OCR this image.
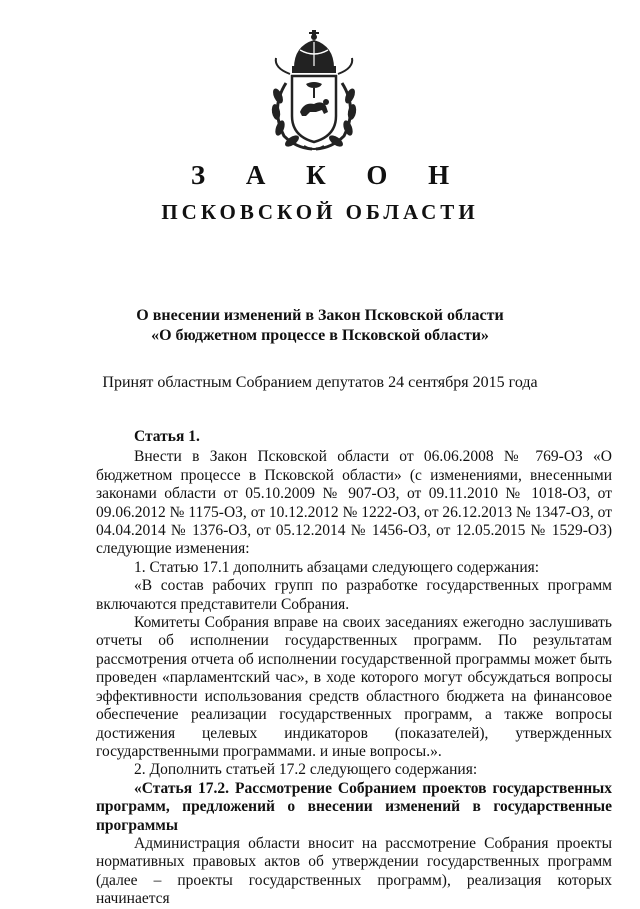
З А К О Н
ПСКОВСКОЙ ОБЛАСТИ
О внесении изменений в Закон Псковской области
«О бюджетном процессе в Псковской области»
Принят областным Собранием депутатов 24 сентября 2015 года

Статья 1.

Внести в Закон Псковской области от 06.06.2008 № 769-ОЗ «О бюджетном процессе в Псковской области» (с изменениями, внесенными законами области от 05.10.2009 № 907-ОЗ, от 09.11.2010 № 1018-ОЗ, от 09.06.2012 № 1175-ОЗ, от 10.12.2012 № 1222-ОЗ, от 26.12.2013 № 1347-ОЗ, от 04.04.2014 № 1376-ОЗ, от 05.12.2014 № 1456-ОЗ, от 12.05.2015 № 1529-ОЗ) следующие изменения:

1. Статью 17.1 дополнить абзацами следующего содержания:

«В состав рабочих групп по разработке государственных программ включаются представители Собрания.

Комитеты Собрания вправе на своих заседаниях ежегодно заслушивать отчеты об исполнении государственных программ. По результатам рассмотрения отчета об исполнении государственной программы может быть проведен «парламентский час», в ходе которого могут обсуждаться вопросы эффективности использования средств областного бюджета на финансовое обеспечение реализации государственных программ, а также вопросы достижения целевых индикаторов (показателей), утвержденных государственными программами. и иные вопросы.».

2. Дополнить статьей 17.2 следующего содержания:

«Статья 17.2. Рассмотрение Собранием проектов государственных программ, предложений о внесении изменений в государственные программы

Администрация области вносит на рассмотрение Собрания проекты нормативных правовых актов об утверждении государственных программ (далее – проекты государственных программ), реализация которых начинается
